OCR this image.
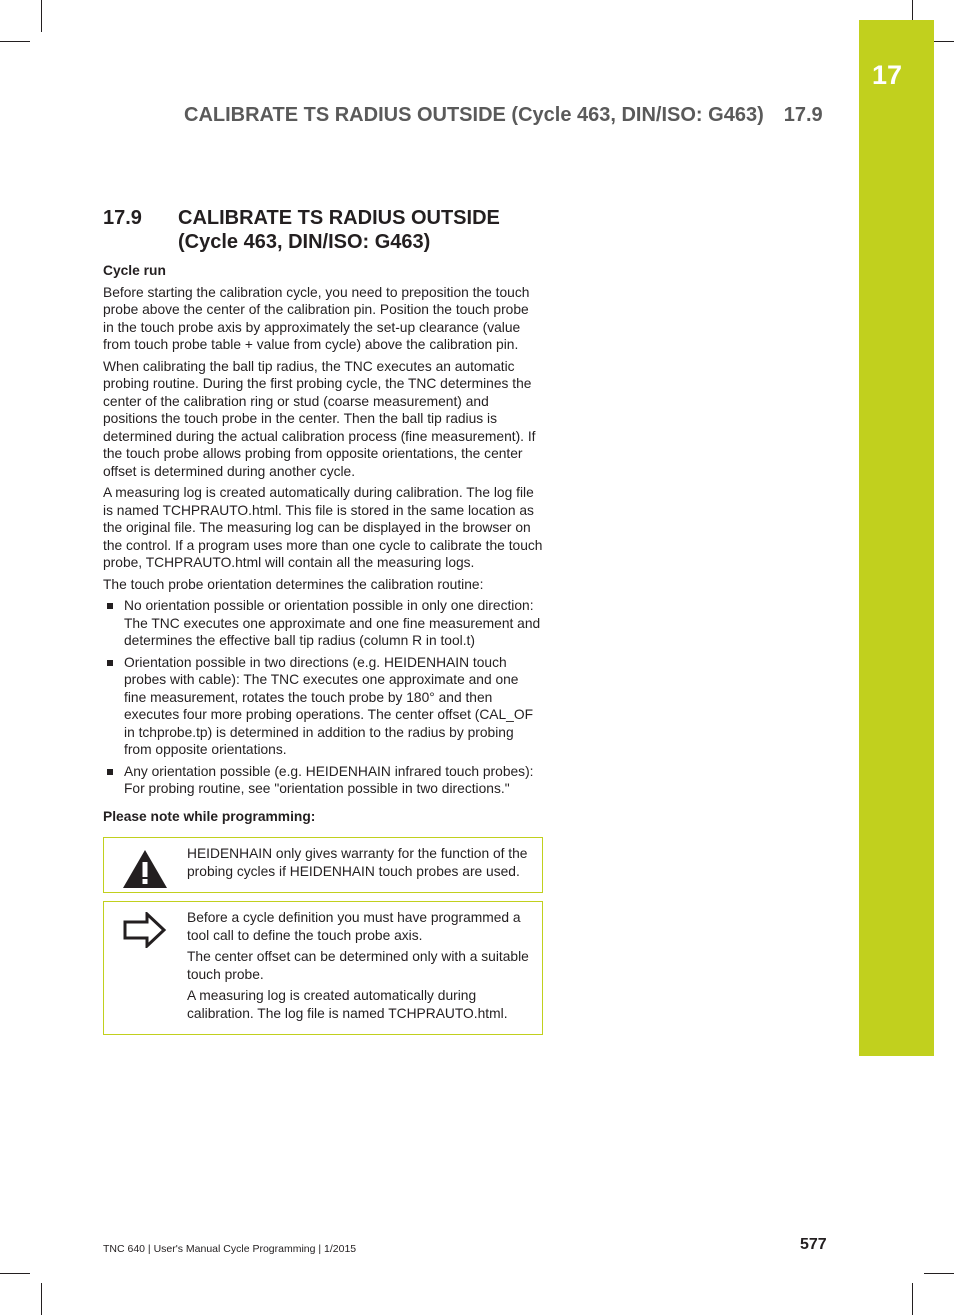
17
CALIBRATE TS RADIUS OUTSIDE (Cycle 463, DIN/ISO: G463) 17.9
17.9 CALIBRATE TS RADIUS OUTSIDE
(Cycle 463, DIN/ISO: G463)
Cycle run

Before starting the calibration cycle, you need to preposition the touch probe above the center of the calibration pin. Position the touch probe in the touch probe axis by approximately the set-up clearance (value from touch probe table + value from cycle) above the calibration pin.

When calibrating the ball tip radius, the TNC executes an automatic probing routine. During the first probing cycle, the TNC determines the center of the calibration ring or stud (coarse measurement) and positions the touch probe in the center. Then the ball tip radius is determined during the actual calibration process (fine measurement). If the touch probe allows probing from opposite orientations, the center offset is determined during another cycle.

A measuring log is created automatically during calibration. The log file is named TCHPRAUTO.html. This file is stored in the same location as the original file. The measuring log can be displayed in the browser on the control. If a program uses more than one cycle to calibrate the touch probe, TCHPRAUTO.html will contain all the measuring logs.

The touch probe orientation determines the calibration routine:

No orientation possible or orientation possible in only one direction: The TNC executes one approximate and one fine measurement and determines the effective ball tip radius (column R in tool.t)
Orientation possible in two directions (e.g. HEIDENHAIN touch probes with cable): The TNC executes one approximate and one fine measurement, rotates the touch probe by 180° and then executes four more probing operations. The center offset (CAL_OF in tchprobe.tp) is determined in addition to the radius by probing from opposite orientations.
Any orientation possible (e.g. HEIDENHAIN infrared touch probes): For probing routine, see "orientation possible in two directions."
Please note while programming:

HEIDENHAIN only gives warranty for the function of the probing cycles if HEIDENHAIN touch probes are used.

Before a cycle definition you must have programmed a tool call to define the touch probe axis.

The center offset can be determined only with a suitable touch probe.

A measuring log is created automatically during calibration. The log file is named TCHPRAUTO.html.

TNC 640 | User's Manual Cycle Programming | 1/2015	577
